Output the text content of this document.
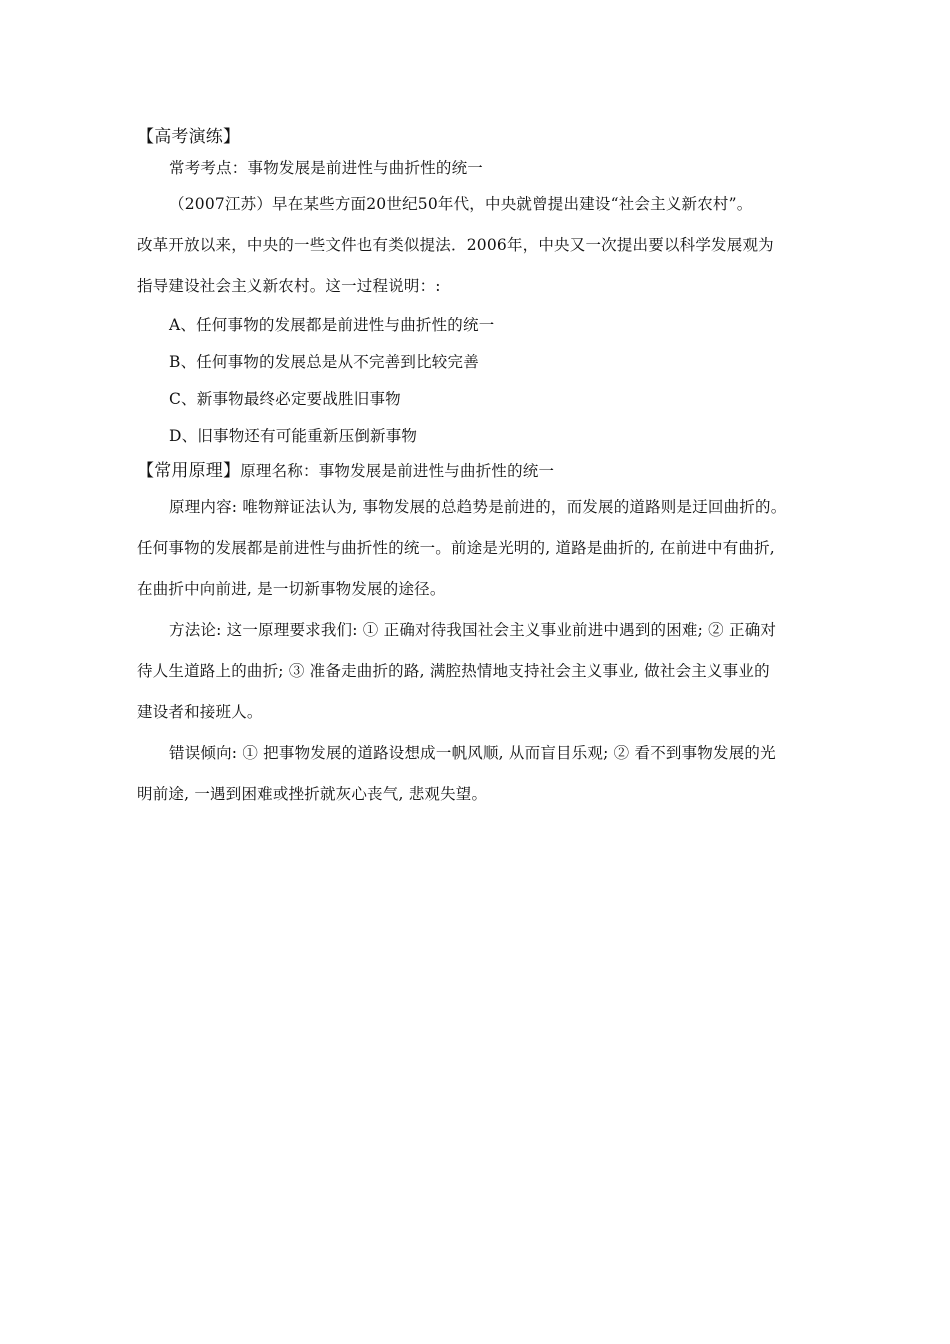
【高考演练】
常考考点：事物发展是前进性与曲折性的统一
（2007江苏）早在某些方面20世纪50年代，中央就曾提出建设“社会主义新农村”。
改革开放以来，中央的一些文件也有类似提法．2006年，中央又一次提出要以科学发展观为
指导建设社会主义新农村。这一过程说明：:
A、任何事物的发展都是前进性与曲折性的统一
B、任何事物的发展总是从不完善到比较完善
C、新事物最终必定要战胜旧事物
D、旧事物还有可能重新压倒新事物
【常用原理】原理名称：事物发展是前进性与曲折性的统一
原理内容: 唯物辩证法认为, 事物发展的总趋势是前进的，而发展的道路则是迂回曲折的。
任何事物的发展都是前进性与曲折性的统一。前途是光明的, 道路是曲折的, 在前进中有曲折,
在曲折中向前进, 是一切新事物发展的途径。
方法论: 这一原理要求我们: ① 正确对待我国社会主义事业前进中遇到的困难; ② 正确对
待人生道路上的曲折; ③ 准备走曲折的路, 满腔热情地支持社会主义事业, 做社会主义事业的
建设者和接班人。
错误倾向: ① 把事物发展的道路设想成一帆风顺, 从而盲目乐观; ② 看不到事物发展的光
明前途, 一遇到困难或挫折就灰心丧气, 悲观失望。
